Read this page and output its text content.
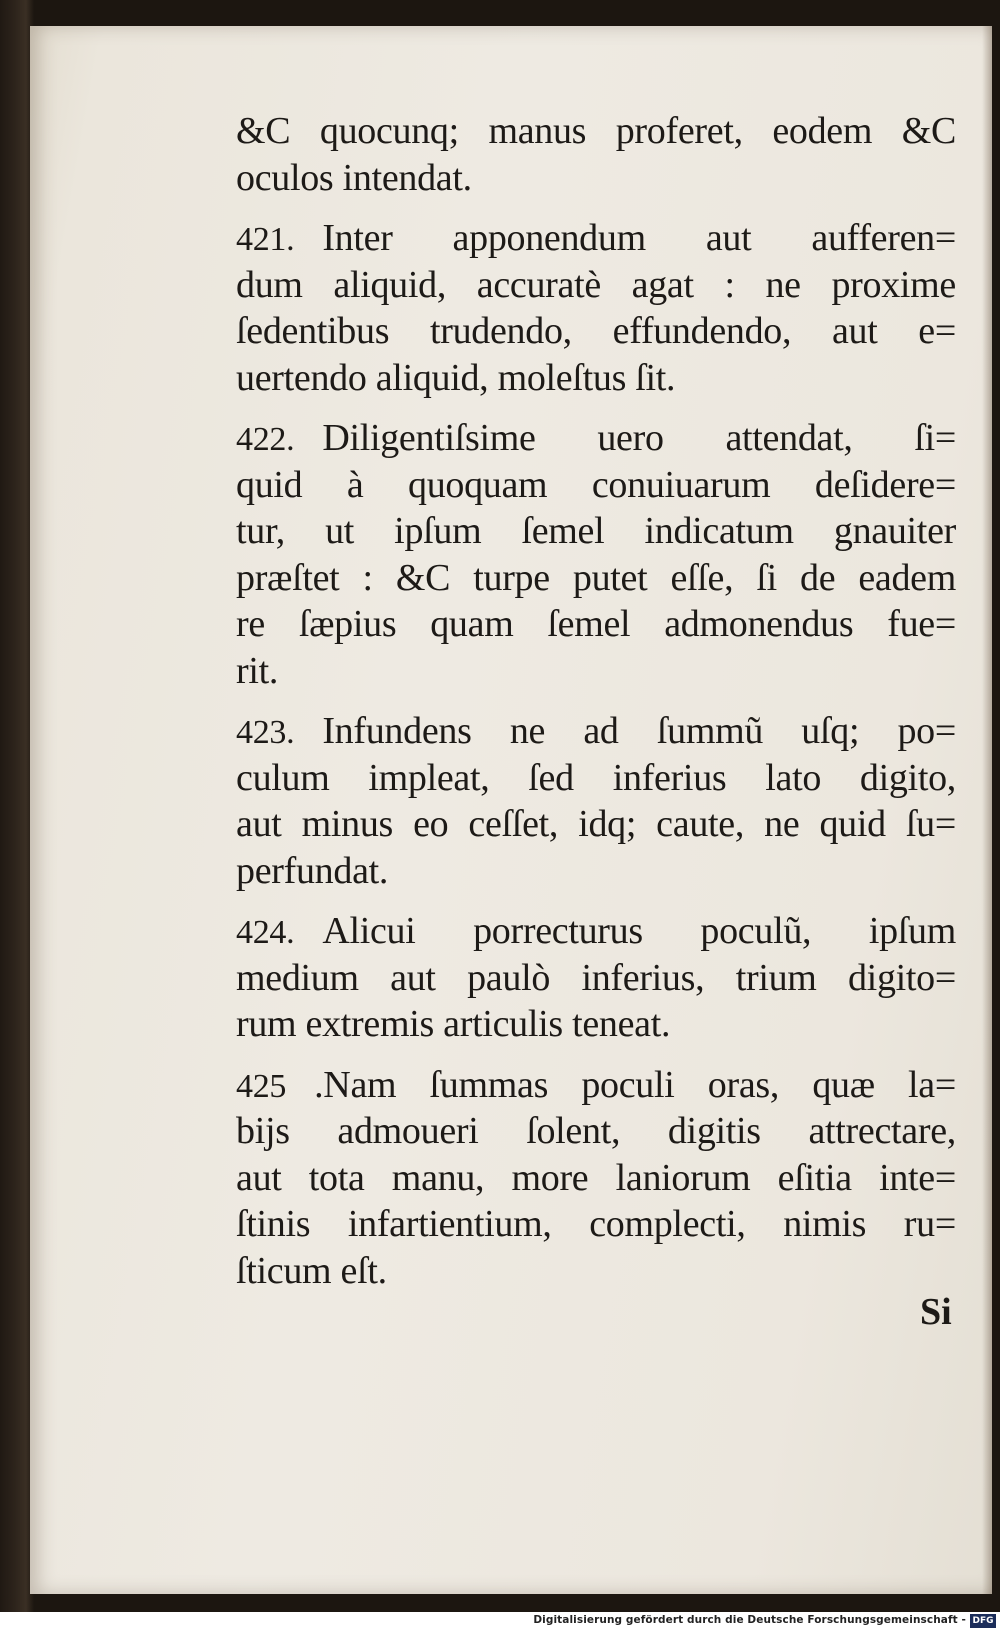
&C quocunq; manus proferet, eodem &C
oculos intendat.
421. Inter apponendum aut aufferen=
dum aliquid, accuratè agat : ne proxime
ſedentibus trudendo, effundendo, aut e=
uertendo aliquid, moleſtus ſit.
422. Diligentiſsime uero attendat, ſi=
quid à quoquam conuiuarum deſidere=
tur, ut ipſum ſemel indicatum gnauiter
præſtet : &C turpe putet eſſe, ſi de eadem
re ſæpius quam ſemel admonendus fue=
rit.
423. Infundens ne ad ſummũ uſq; po=
culum impleat, ſed inferius lato digito,
aut minus eo ceſſet, idq; caute, ne quid ſu=
perfundat.
424. Alicui porrecturus poculũ, ipſum
medium aut paulò inferius, trium digito=
rum extremis articulis teneat.
425 .Nam ſummas poculi oras, quæ la=
bijs admoueri ſolent, digitis attrectare,
aut tota manu, more laniorum eſitia inte=
ſtinis infartientium, complecti, nimis ru=
ſticum eſt.
Si
Digitalisierung gefördert durch die Deutsche Forschungsgemeinschaft - DFG
